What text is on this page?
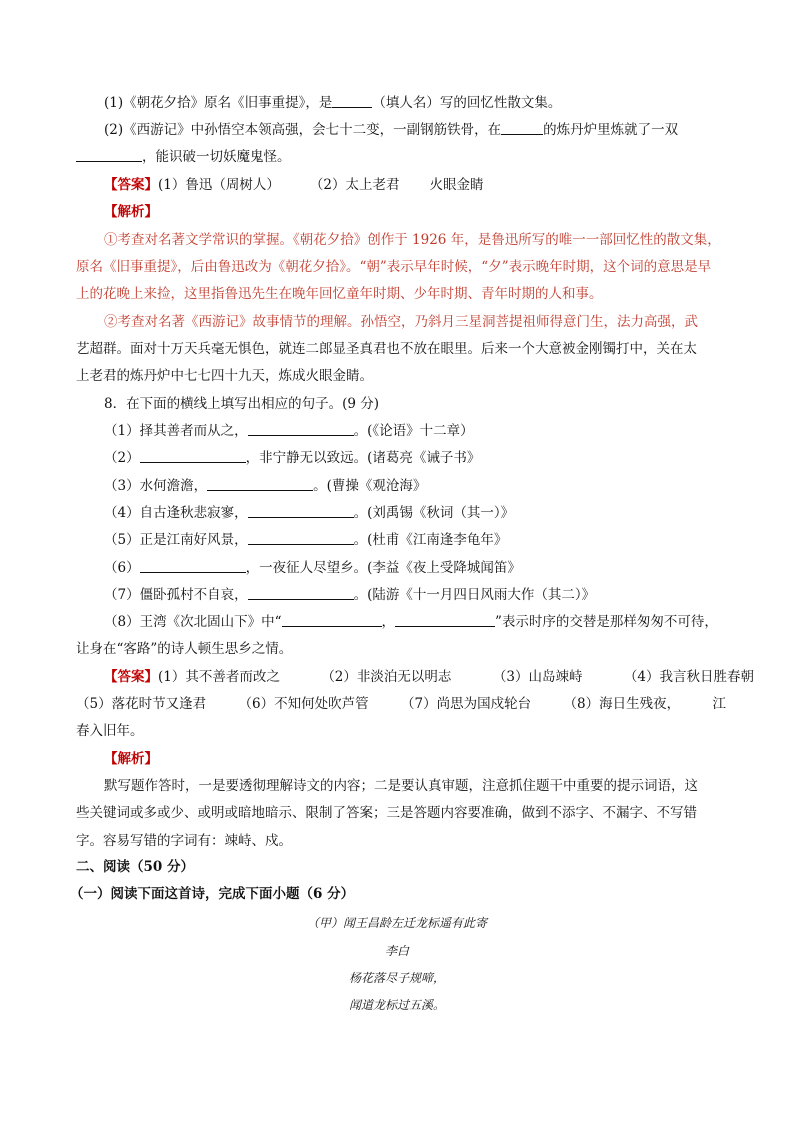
(1)《朝花夕拾》原名《旧事重提》，是	（填人名）写的回忆性散文集。
(2)《西游记》中孙悟空本领高强，会七十二变，一副钢筋铁骨，在	的炼丹炉里炼就了一双
，能识破一切妖魔鬼怪。
【答案】(1）鲁迅（周树人） （2）太上老君 火眼金睛
【解析】
①考查对名著文学常识的掌握。《朝花夕拾》创作于 1926 年，是鲁迅所写的唯一一部回忆性的散文集，
原名《旧事重提》，后由鲁迅改为《朝花夕拾》。“朝”表示早年时候，“夕”表示晚年时期，这个词的意思是早
上的花晚上来捡，这里指鲁迅先生在晚年回忆童年时期、少年时期、青年时期的人和事。
②考查对名著《西游记》故事情节的理解。孙悟空，乃斜月三星洞菩提祖师得意门生，法力高强，武
艺超群。面对十万天兵毫无惧色，就连二郎显圣真君也不放在眼里。后来一个大意被金刚镯打中，关在太
上老君的炼丹炉中七七四十九天，炼成火眼金睛。
8．在下面的横线上填写出相应的句子。(9 分)
（1）择其善者而从之，	。(《论语》十二章）
（2）	，非宁静无以致远。(诸葛亮《诫子书》
（3）水何澹澹，	。(曹操《观沧海》
（4）自古逢秋悲寂寥，	。(刘禹锡《秋词（其一）》
（5）正是江南好风景，	。(杜甫《江南逢李龟年》
（6）	，一夜征人尽望乡。(李益《夜上受降城闻笛》
（7）僵卧孤村不自哀，	。(陆游《十一月四日风雨大作（其二）》
（8）王湾《次北固山下》中“	，	”表示时序的交替是那样匆匆不可待，
让身在“客路”的诗人顿生思乡之情。
【答案】(1）其不善者而改之	（2）非淡泊无以明志	（3）山岛竦峙	（4）我言秋日胜春朝
（5）落花时节又逢君 （6）不知何处吹芦管 （7）尚思为国戍轮台 （8）海日生残夜， 江
春入旧年。
【解析】
默写题作答时，一是要透彻理解诗文的内容；二是要认真审题，注意抓住题干中重要的提示词语，这
些关键词或多或少、或明或暗地暗示、限制了答案；三是答题内容要准确，做到不添字、不漏字、不写错
字。容易写错的字词有：竦峙、戍。
二、阅读（50 分）
（一）阅读下面这首诗，完成下面小题（6 分）
（甲）闻王昌龄左迁龙标遥有此寄
李白
杨花落尽子规啼，
闻道龙标过五溪。
